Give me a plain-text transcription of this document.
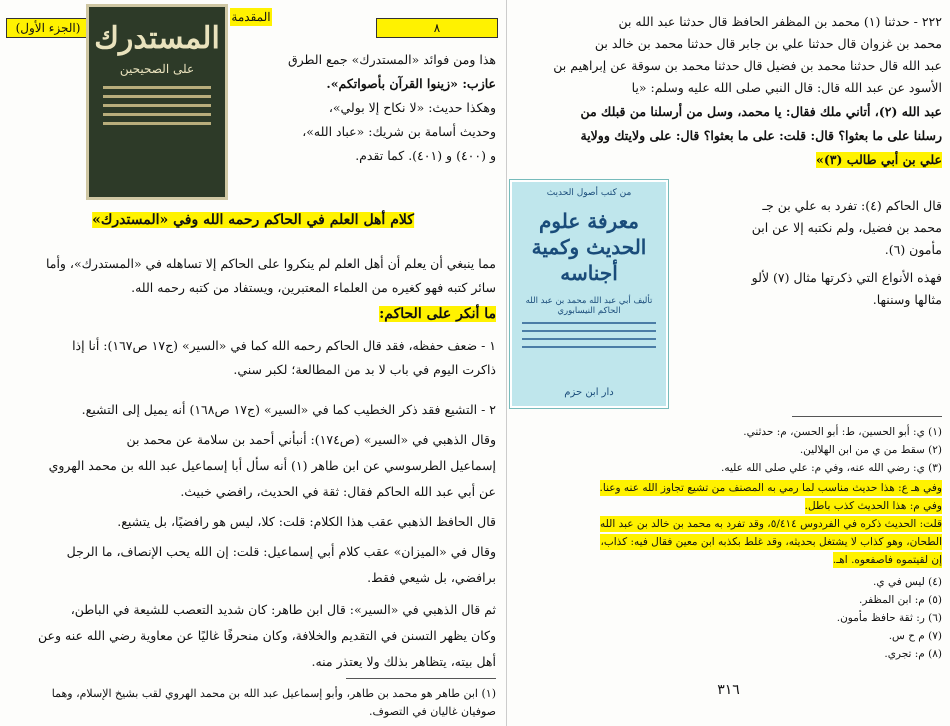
(الجزء الأول)	٨
المقدمة
المستدرك
على الصحيحين
هذا ومن فوائد «المستدرك» جمع الطرق
عازب: «زينوا القرآن بأصواتكم».
وهكذا حديث: «لا نكاح إلا بولي»،
وحديث أسامة بن شريك: «عباد الله»،
و (٤٠٠) و (٤٠١). كما تقدم.
كلام أهل العلم في الحاكم رحمه الله وفي «المستدرك»
مما ينبغي أن يعلم أن أهل العلم لم ينكروا على الحاكم إلا تساهله في «المستدرك»، وأما
سائر كتبه فهو كغيره من العلماء المعتبرين، ويستفاد من كتبه رحمه الله.
ما أنكر على الحاكم:
١ - ضعف حفظه، فقد قال الحاكم رحمه الله كما في «السير» (ج١٧ ص١٦٧): أنا إذا
ذاكرت اليوم في باب لا بد من المطالعة؛ لكبر سني.
٢ - التشيع فقد ذكر الخطيب كما في «السير» (ج١٧ ص١٦٨) أنه يميل إلى التشيع.
وقال الذهبي في «السير» (ص١٧٤): أنبأني أحمد بن سلامة عن محمد بن
إسماعيل الطرسوسي عن ابن طاهر (١) أنه سأل أبا إسماعيل عبد الله بن محمد الهروي
عن أبي عبد الله الحاكم فقال: ثقة في الحديث، رافضي خبيث.
قال الحافظ الذهبي عقب هذا الكلام: قلت: كلا، ليس هو رافضيًا، بل يتشيع.
وقال في «الميزان» عقب كلام أبي إسماعيل: قلت: إن الله يحب الإنصاف، ما الرجل
برافضي، بل شيعي فقط.
ثم قال الذهبي في «السير»: قال ابن طاهر: كان شديد التعصب للشيعة في الباطن،
وكان يظهر التسنن في التقديم والخلافة، وكان منحرفًا غاليًا عن معاوية رضي الله عنه وعن
أهل بيته، يتظاهر بذلك ولا يعتذر منه.
(١) ابن طاهر هو محمد بن طاهر، وأبو إسماعيل عبد الله بن محمد الهروي لقب بشيخ الإسلام، وهما
صوفيان غاليان في التصوف.
٢٢٢ - حدثنا (١) محمد بن المظفر الحافظ قال حدثنا عبد الله بن
محمد بن غزوان قال حدثنا علي بن جابر قال حدثنا محمد بن خالد بن
عبد الله قال حدثنا محمد بن فضيل قال حدثنا محمد بن سوقة عن إبراهيم بن
الأسود عن عبد الله قال: قال النبي صلى الله عليه وسلم: «يا
عبد الله (٢)، أتاني ملك فقال: يا محمد، وسل من أرسلنا من قبلك من
رسلنا على ما بعثوا؟ قال: قلت: على ما بعثوا؟ قال: على ولايتك وولاية
علي بن أبي طالب (٣)»
قال الحاكم (٤): تفرد به علي بن جـ
محمد بن فضيل، ولم نكتبه إلا عن ابن
مأمون (٦).
فهذه الأنواع التي ذكرتها مثال (٧) لألو
مثالها وسننها.
(١) ي: أبو الحسين، ط: أبو الحسن، م: حدثني.
(٢) سقط من ي من ابن الهلالين.
(٣) ي: رضي الله عنه، وفي م: علي صلى الله عليه.
وفي هـ ع: هذا حديث مناسب لما رمي به المصنف من تشيع تجاوز الله عنه وعنا.
وفي م: هذا الحديث كذب باطل.
قلت: الحديث ذكره في الفردوس ٥/٤١٤، وقد تفرد به محمد بن خالد بن عبد الله
الطحان، وهو كذاب لا يشتغل بحديثه، وقد غلط بكذبه ابن معين فقال فيه: كذاب،
إن لقيتموه فاصفعوه. اهـ.
(٤) ليس في ي.
(٥) م: ابن المظفر.
(٦) ر: ثقة حافظ مأمون.
(٧) م ح س.
(٨) م: تجري.
٣١٦
من كتب أصول الحديث
معرفة علوم الحديث وكمية أجناسه
تأليف أبي عبد الله محمد بن عبد الله الحاكم النيسابوري
دار ابن حزم
